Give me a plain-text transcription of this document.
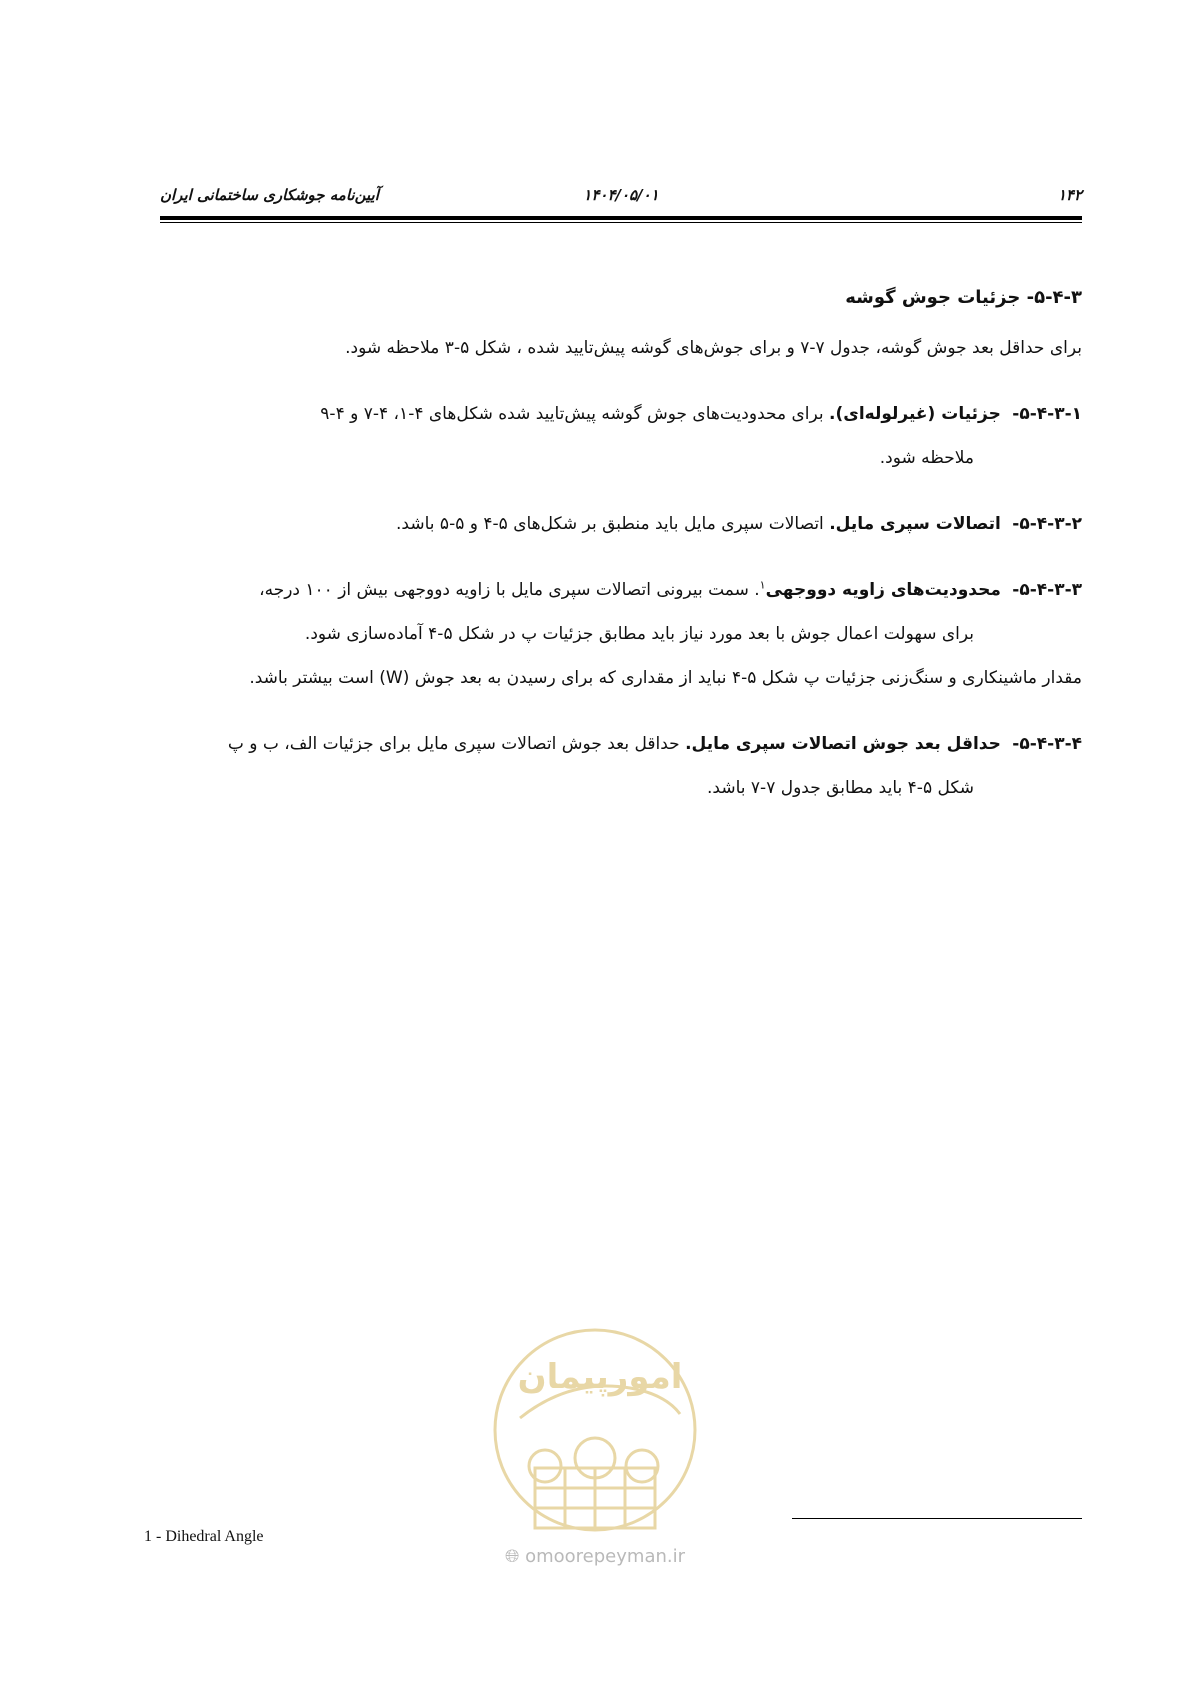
۱۴۲
۱۴۰۴/۰۵/۰۱
آیین‌نامه جوشکاری ساختمانی ایران
۵-۴-۳- جزئیات جوش گوشه

برای حداقل بعد جوش گوشه، جدول ۷-۷ و برای جوش‌های گوشه پیش‌تایید شده ، شکل ۵-۳ ملاحظه شود.

۵-۴-۳-۱- جزئیات (غیرلوله‌ای). برای محدودیت‌های جوش گوشه پیش‌تایید شده شکل‌های ۴-۱، ۴-۷ و ۴-۹
ملاحظه شود.

۵-۴-۳-۲- اتصالات سپری مایل. اتصالات سپری مایل باید منطبق بر شکل‌های ۵-۴ و ۵-۵ باشد.

۵-۴-۳-۳- محدودیت‌های زاویه دووجهی$^۱$. سمت بیرونی اتصالات سپری مایل با زاویه دووجهی بیش از ۱۰۰ درجه،
برای سهولت اعمال جوش با بعد مورد نیاز باید مطابق جزئیات پ در شکل ۵-۴ آماده‌سازی شود.

مقدار ماشینکاری و سنگ‌زنی جزئیات پ شکل ۵-۴ نباید از مقداری که برای رسیدن به بعد جوش (W) است بیشتر باشد.

۵-۴-۳-۴- حداقل بعد جوش اتصالات سپری مایل. حداقل بعد جوش اتصالات سپری مایل برای جزئیات الف، ب و پ
شکل ۵-۴ باید مطابق جدول ۷-۷ باشد.

امورپیمان
🌐︎ omoorepeyman.ir
1 - Dihedral Angle
